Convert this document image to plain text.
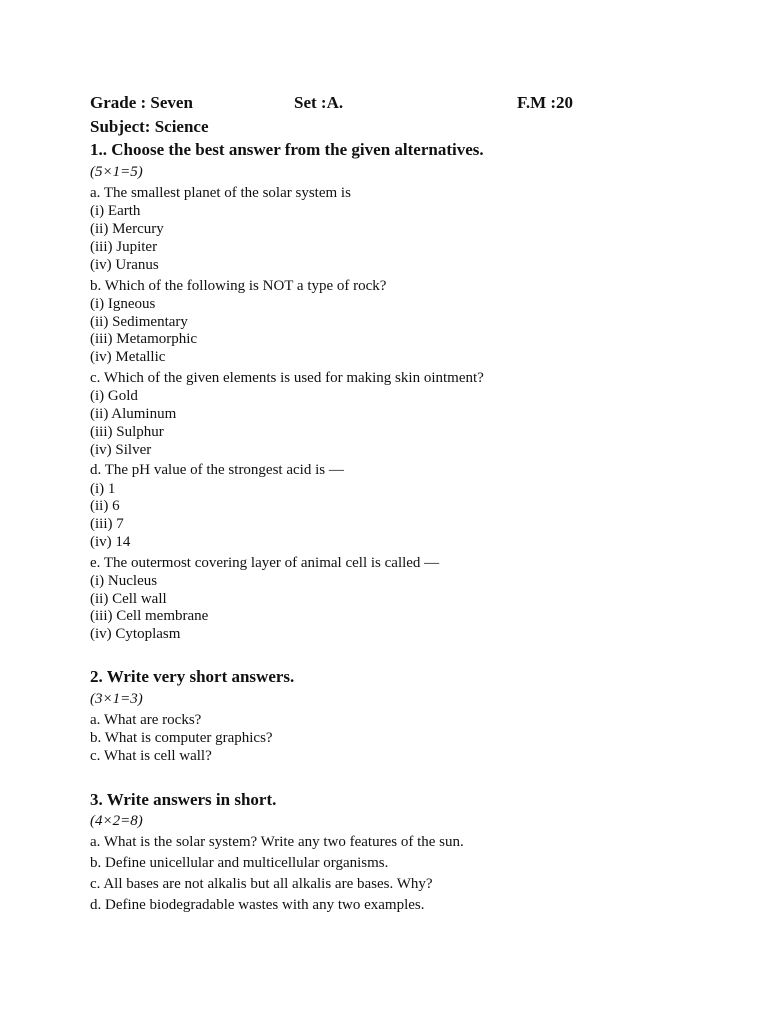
Grade : Seven	Set :A.	F.M :20
Subject: Science
1.. Choose the best answer from the given alternatives.
(5×1=5)
a. The smallest planet of the solar system is
(i) Earth
(ii) Mercury
(iii) Jupiter
(iv) Uranus
b. Which of the following is NOT a type of rock?
(i) Igneous
(ii) Sedimentary
(iii) Metamorphic
(iv) Metallic
c. Which of the given elements is used for making skin ointment?
(i) Gold
(ii) Aluminum
(iii) Sulphur
(iv) Silver
d. The pH value of the strongest acid is —
(i) 1
(ii) 6
(iii) 7
(iv) 14
e. The outermost covering layer of animal cell is called —
(i) Nucleus
(ii) Cell wall
(iii) Cell membrane
(iv) Cytoplasm
2. Write very short answers.
(3×1=3)
a. What are rocks?
b. What is computer graphics?
c. What is cell wall?
3. Write answers in short.
(4×2=8)
a. What is the solar system? Write any two features of the sun.
b. Define unicellular and multicellular organisms.
c. All bases are not alkalis but all alkalis are bases. Why?
d. Define biodegradable wastes with any two examples.
